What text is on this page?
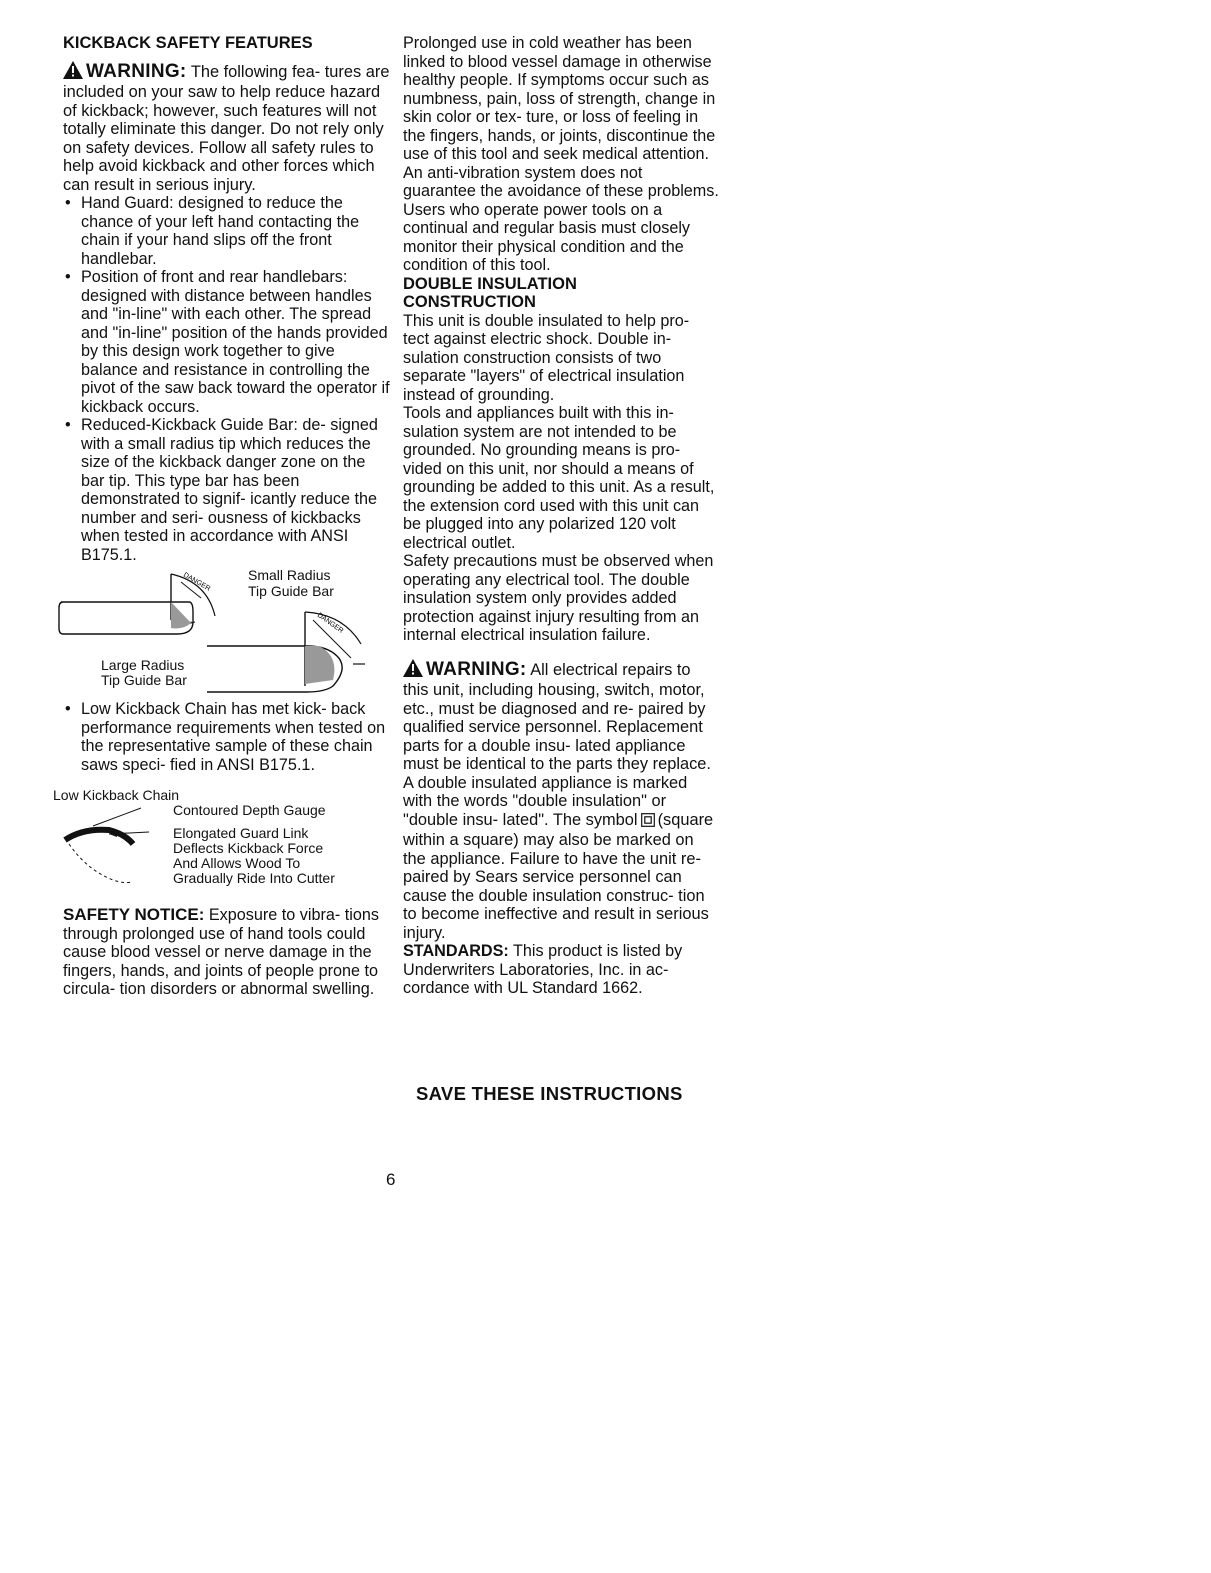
KICKBACK SAFETY FEATURES

WARNING: The following fea- tures are included on your saw to help reduce hazard of kickback; however, such features will not totally eliminate this danger. Do not rely only on safety devices. Follow all safety rules to help avoid kickback and other forces which can result in serious injury.

• Hand Guard: designed to reduce the chance of your left hand contacting the chain if your hand slips off the front handlebar.
• Position of front and rear handlebars: designed with distance between handles and "in-line" with each other. The spread and "in-line" position of the hands provided by this design work together to give balance and resistance in controlling the pivot of the saw back toward the operator if kickback occurs.
• Reduced-Kickback Guide Bar: de- signed with a small radius tip which reduces the size of the kickback danger zone on the bar tip. This type bar has been demonstrated to signif- icantly reduce the number and seri- ousness of kickbacks when tested in accordance with ANSI B175.1.
DANGER
DANGER
Small Radius
Tip Guide Bar
Large Radius
Tip Guide Bar
• Low Kickback Chain has met kick- back performance requirements when tested on the representative sample of these chain saws speci- fied in ANSI B175.1.
Low Kickback Chain
Contoured Depth Gauge
Elongated Guard Link
Deflects Kickback Force
And Allows Wood To
Gradually Ride Into Cutter

SAFETY NOTICE: Exposure to vibra- tions through prolonged use of hand tools could cause blood vessel or nerve damage in the fingers, hands, and joints of people prone to circula- tion disorders or abnormal swelling.

Prolonged use in cold weather has been linked to blood vessel damage in otherwise healthy people. If symptoms occur such as numbness, pain, loss of strength, change in skin color or tex- ture, or loss of feeling in the fingers, hands, or joints, discontinue the use of this tool and seek medical attention. An anti-vibration system does not guarantee the avoidance of these problems. Users who operate power tools on a continual and regular basis must closely monitor their physical condition and the condition of this tool.

DOUBLE INSULATION

CONSTRUCTION

This unit is double insulated to help pro- tect against electric shock. Double in- sulation construction consists of two separate "layers" of electrical insulation instead of grounding.

Tools and appliances built with this in- sulation system are not intended to be grounded. No grounding means is pro- vided on this unit, nor should a means of grounding be added to this unit. As a result, the extension cord used with this unit can be plugged into any polarized 120 volt electrical outlet.

Safety precautions must be observed when operating any electrical tool. The double insulation system only provides added protection against injury resulting from an internal electrical insulation failure.

WARNING: All electrical repairs to this unit, including housing, switch, motor, etc., must be diagnosed and re- paired by qualified service personnel. Replacement parts for a double insu- lated appliance must be identical to the parts they replace. A double insulated appliance is marked with the words "double insulation" or "double insu- lated". The symbol (square within a square) may also be marked on the appliance. Failure to have the unit re- paired by Sears service personnel can cause the double insulation construc- tion to become ineffective and result in serious injury.

STANDARDS: This product is listed by Underwriters Laboratories, Inc. in ac- cordance with UL Standard 1662.

SAVE THESE INSTRUCTIONS
6
